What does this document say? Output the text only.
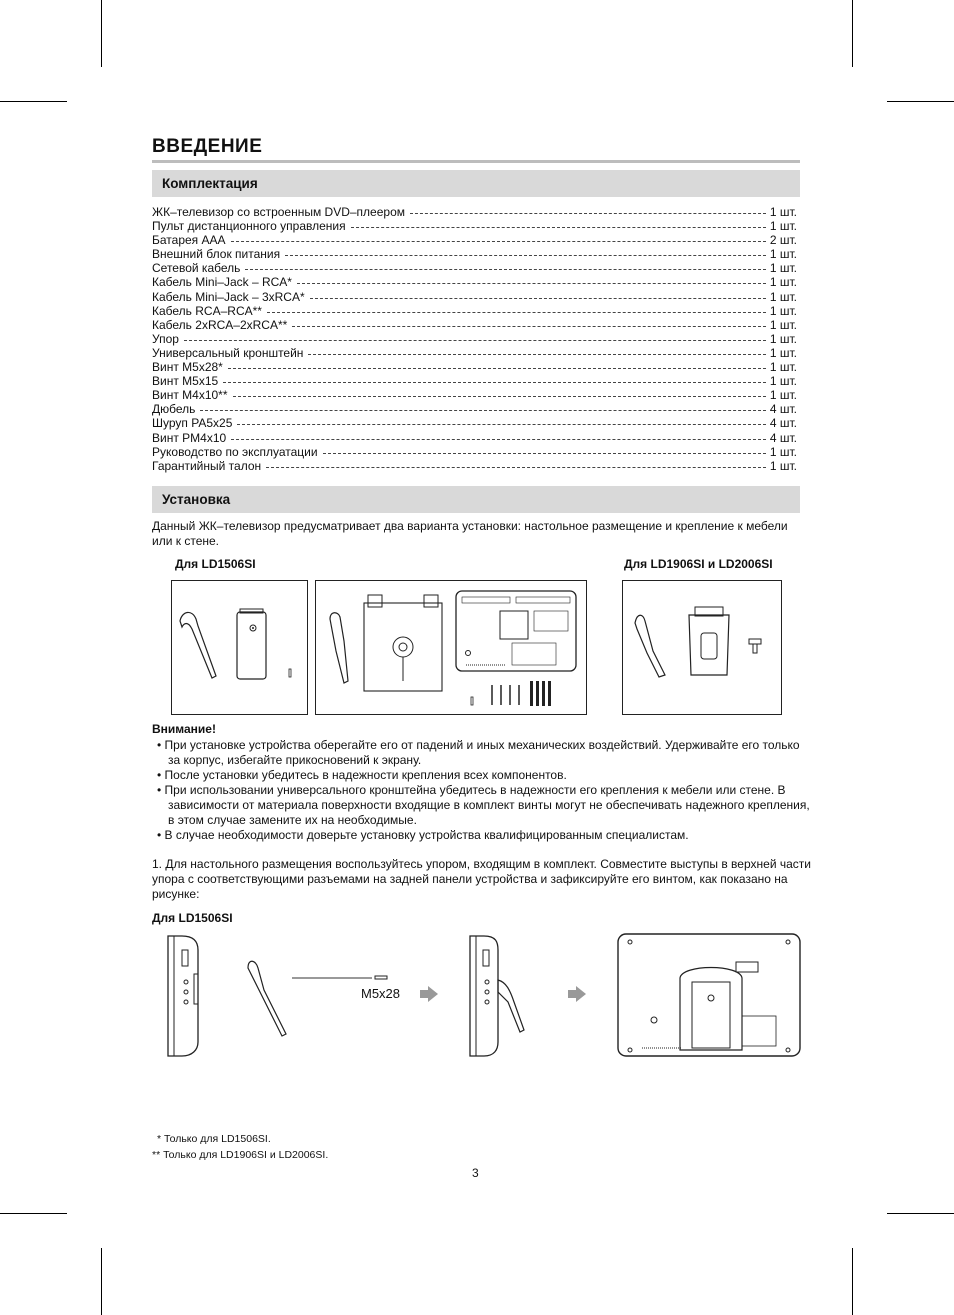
ВВЕДЕНИЕ
Комплектация
ЖК–телевизор со встроенным DVD–плеером	1 шт.
Пульт дистанционного управления	1 шт.
Батарея AAA	2 шт.
Внешний блок питания	1 шт.
Сетевой кабель	1 шт.
Кабель Mini–Jack – RCA*	1 шт.
Кабель Mini–Jack – 3xRCA*	1 шт.
Кабель RCA–RCA**	1 шт.
Кабель 2xRCA–2xRCA**	1 шт.
Упор	1 шт.
Универсальный кронштейн	1 шт.
Винт M5x28*	1 шт.
Винт M5x15	1 шт.
Винт M4x10**	1 шт.
Дюбель	4 шт.
Шуруп PA5x25	4 шт.
Винт PM4x10	4 шт.
Руководство по эксплуатации	1 шт.
Гарантийный талон	1 шт.
Установка

Данный ЖК–телевизор предусматривает два варианта установки: настольное размещение и крепление к мебели или к стене.

Для LD1506SI	Для LD1906SI и LD2006SI
Внимание!
• При установке устройства оберегайте его от падений и иных механических воздействий. Удерживайте его только за корпус, избегайте прикосновений к экрану.
• После установки убедитесь в надежности крепления всех компонентов.
• При использовании универсального кронштейна убедитесь в надежности его крепления к мебели или стене. В зависимости от материала поверхности входящие в комплект винты могут не обеспечивать надежного крепления, в этом случае замените их на необходимые.
• В случае необходимости доверьте установку устройства квалифицированным специалистам.

1. Для настольного размещения воспользуйтесь упором, входящим в комплект. Совместите выступы в верхней части упора с соответствующими разъемами на задней панели устройства и зафиксируйте его винтом, как показано на рисунке:

Для LD1506SI
M5x28
* Только для LD1506SI.
** Только для LD1906SI и LD2006SI.
3
